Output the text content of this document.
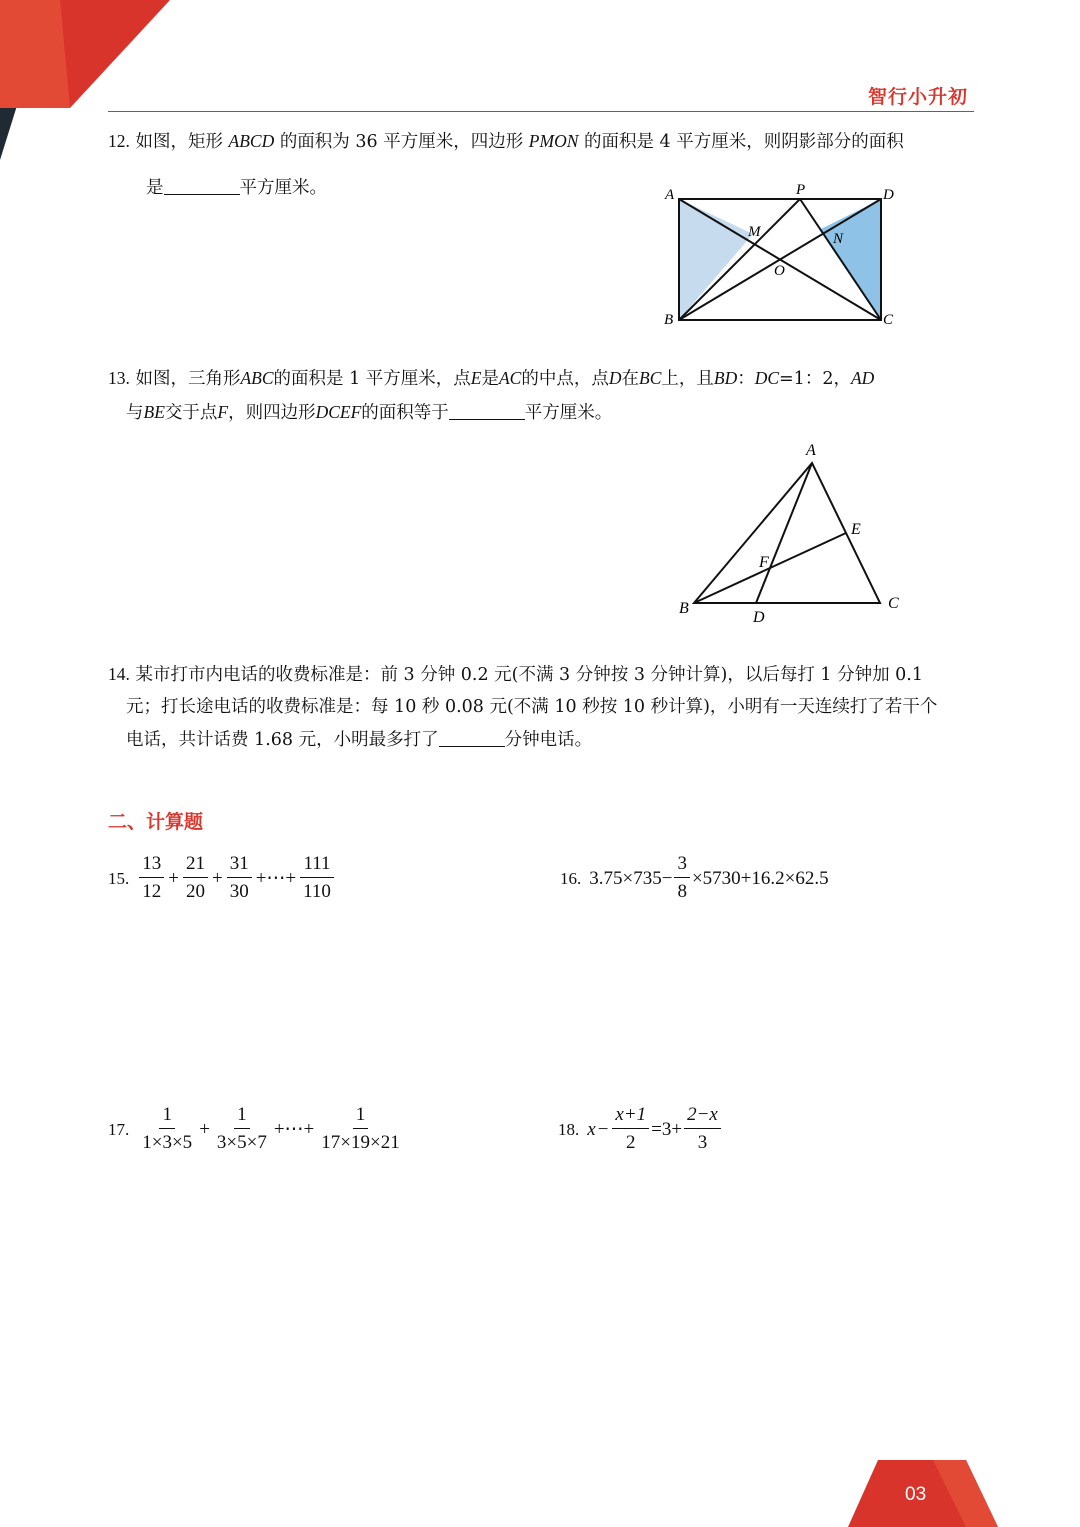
智行小升初
12. 如图，矩形 ABCD 的面积为 36 平方厘米，四边形 PMON 的面积是 4 平方厘米，则阴影部分的面积
是	平方厘米。	A	P	D
M	N
O
B	C
13. 如图，三角形ABC的面积是 1 平方厘米，点E是AC的中点，点D在BC上，且BD：DC=1：2，AD
与BE交于点F，则四边形DCEF的面积等于	平方厘米。
A
E
F
B
D
C
14. 某市打市内电话的收费标准是：前 3 分钟 0.2 元(不满 3 分钟按 3 分钟计算)，以后每打 1 分钟加 0.1
元；打长途电话的收费标准是：每 10 秒 0.08 元(不满 10 秒按 10 秒计算)，小明有一天连续打了若干个
电话，共计话费 1.68 元，小明最多打了	分钟电话。
二、计算题
15. $\frac{13}{12} + \frac{21}{20} + \frac{31}{30}$ +⋯+ $\frac{111}{110}$	16. $3.75\times 735- \frac{3}{8} \times 5730+16.2\times 62.5$
17. $\frac{1}{1\times 3\times 5} + \frac{1}{3\times 5\times 7}$ +⋯+ $\frac{1}{17\times 19\times 21}$	18. $x - \frac{x+1}{2} =3+ \frac{2-x}{3}$
03
